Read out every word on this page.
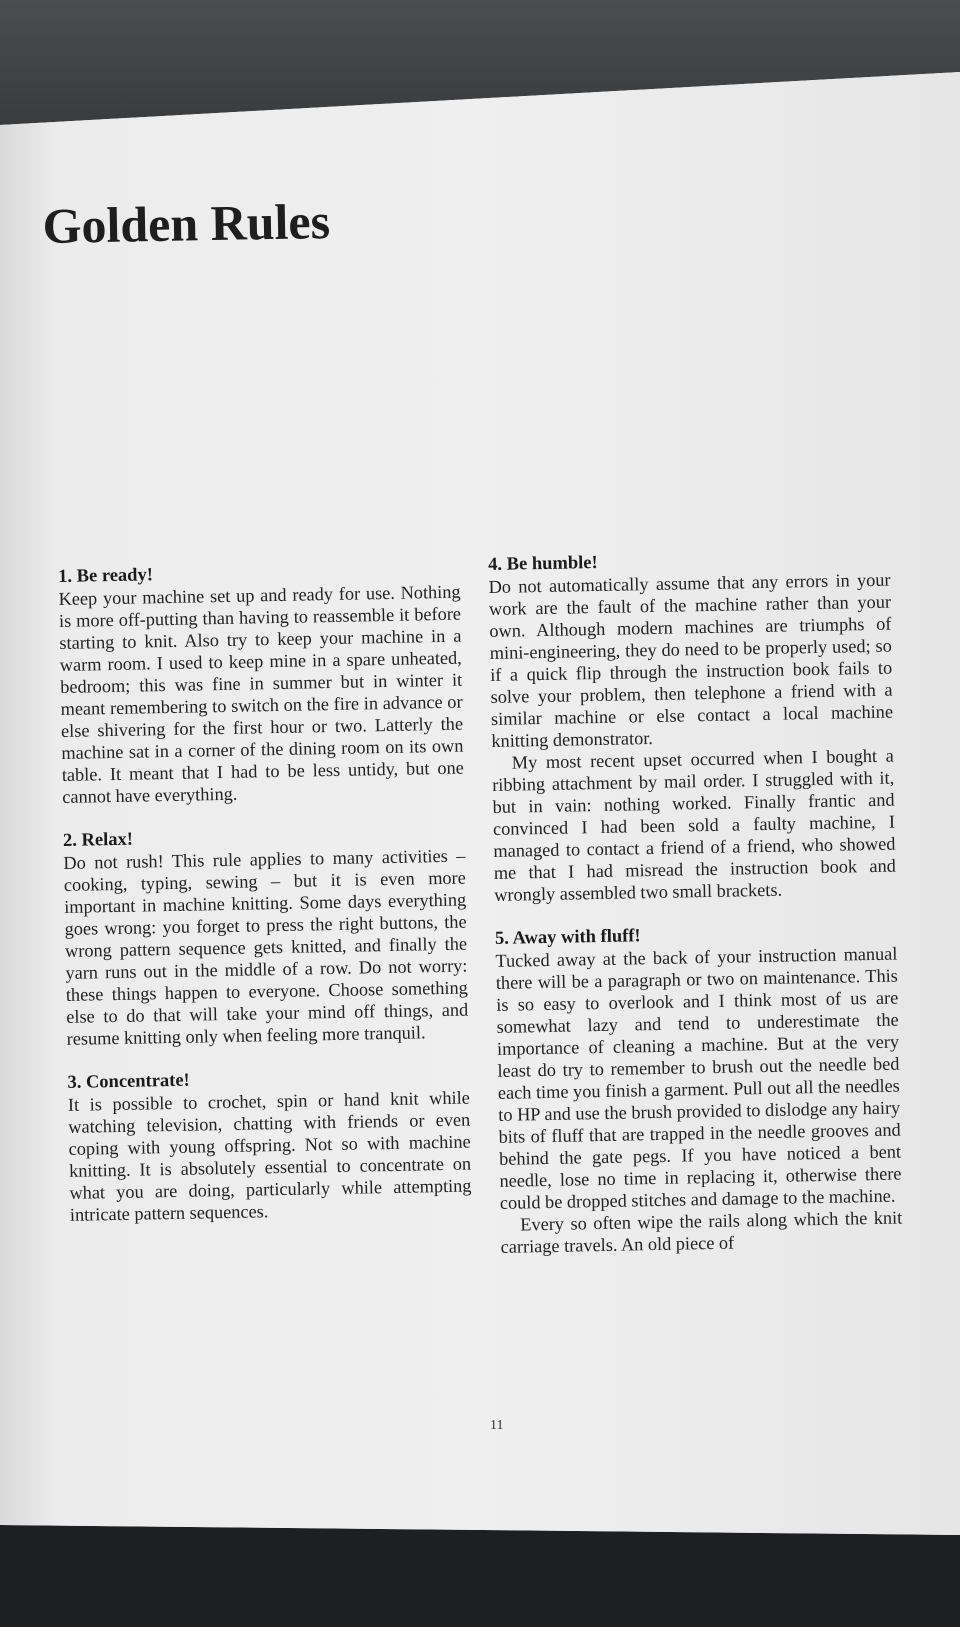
Golden Rules

1. Be ready!

Keep your machine set up and ready for use. Nothing is more off-putting than having to reassemble it before starting to knit. Also try to keep your machine in a warm room. I used to keep mine in a spare unheated, bedroom; this was fine in summer but in winter it meant remembering to switch on the fire in advance or else shivering for the first hour or two. Latterly the machine sat in a corner of the dining room on its own table. It meant that I had to be less untidy, but one cannot have everything.

2. Relax!

Do not rush! This rule applies to many activities – cooking, typing, sewing – but it is even more important in machine knitting. Some days everything goes wrong: you forget to press the right buttons, the wrong pattern sequence gets knitted, and finally the yarn runs out in the middle of a row. Do not worry: these things happen to everyone. Choose something else to do that will take your mind off things, and resume knitting only when feeling more tranquil.

3. Concentrate!

It is possible to crochet, spin or hand knit while watching television, chatting with friends or even coping with young offspring. Not so with machine knitting. It is absolutely essential to concentrate on what you are doing, particularly while attempting intricate pattern sequences.

4. Be humble!

Do not automatically assume that any errors in your work are the fault of the machine rather than your own. Although modern machines are triumphs of mini-engineering, they do need to be properly used; so if a quick flip through the instruction book fails to solve your problem, then telephone a friend with a similar machine or else contact a local machine knitting demonstrator.

My most recent upset occurred when I bought a ribbing attachment by mail order. I struggled with it, but in vain: nothing worked. Finally frantic and convinced I had been sold a faulty machine, I managed to contact a friend of a friend, who showed me that I had misread the instruction book and wrongly assembled two small brackets.

5. Away with fluff!

Tucked away at the back of your instruction manual there will be a paragraph or two on maintenance. This is so easy to overlook and I think most of us are somewhat lazy and tend to underestimate the importance of cleaning a machine. But at the very least do try to remember to brush out the needle bed each time you finish a garment. Pull out all the needles to HP and use the brush provided to dislodge any hairy bits of fluff that are trapped in the needle grooves and behind the gate pegs. If you have noticed a bent needle, lose no time in replacing it, otherwise there could be dropped stitches and damage to the machine.

Every so often wipe the rails along which the knit carriage travels. An old piece of

11
